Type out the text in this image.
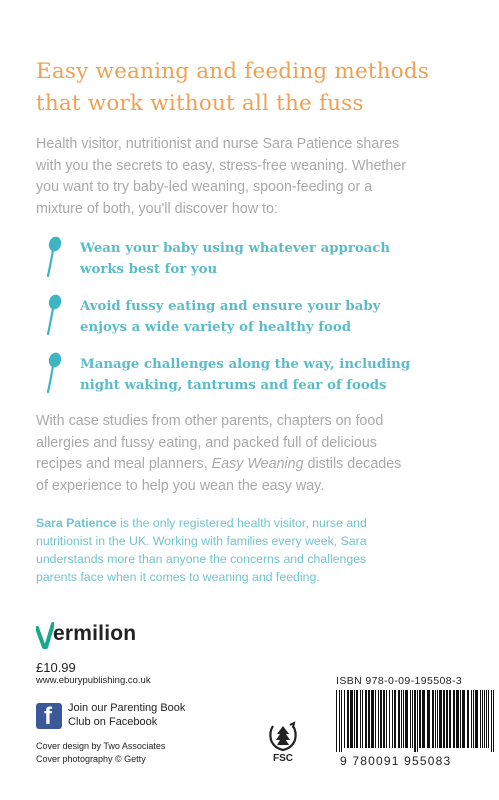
Easy weaning and feeding methods
that work without all the fuss
Health visitor, nutritionist and nurse Sara Patience shares
with you the secrets to easy, stress-free weaning. Whether
you want to try baby-led weaning, spoon-feeding or a
mixture of both, you'll discover how to:
Wean your baby using whatever approach
works best for you
Avoid fussy eating and ensure your baby
enjoys a wide variety of healthy food
Manage challenges along the way, including
night waking, tantrums and fear of foods
With case studies from other parents, chapters on food
allergies and fussy eating, and packed full of delicious
recipes and meal planners, Easy Weaning distils decades
of experience to help you wean the easy way.
Sara Patience is the only registered health visitor, nurse and
nutritionist in the UK. Working with families every week, Sara
understands more than anyone the concerns and challenges
parents face when it comes to weaning and feeding.
ermilion
£10.99
www.eburypublishing.co.uk
f Join our Parenting Book
Club on Facebook
Cover design by Two Associates
Cover photography © Getty	FSC
ISBN 978-0-09-195508-3
9 780091 955083
